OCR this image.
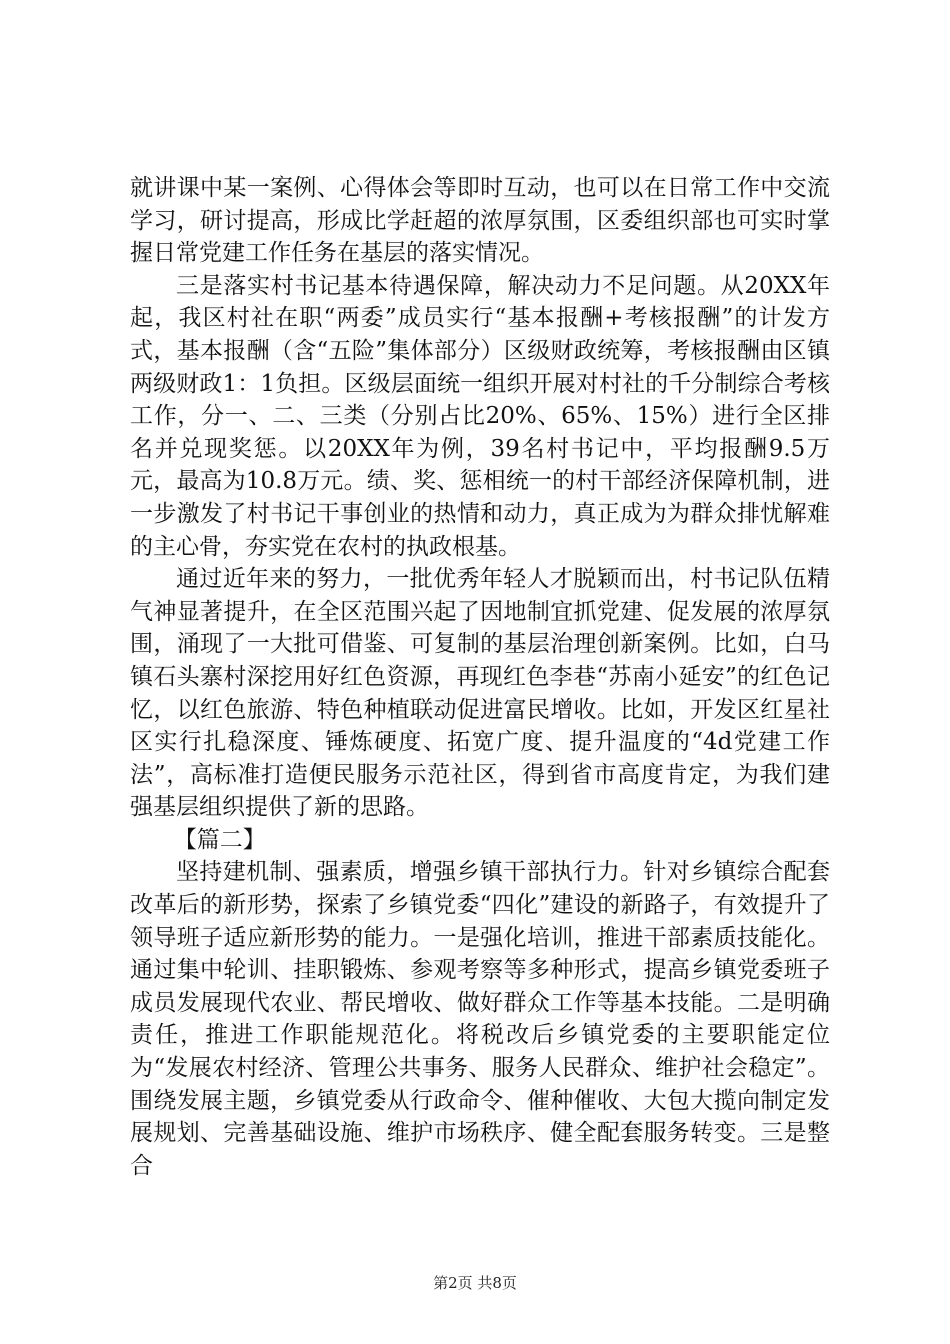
就讲课中某一案例、心得体会等即时互动，也可以在日常工作中交流学习，研讨提高，形成比学赶超的浓厚氛围，区委组织部也可实时掌握日常党建工作任务在基层的落实情况。

三是落实村书记基本待遇保障，解决动力不足问题。从20XX年起，我区村社在职“两委”成员实行“基本报酬+考核报酬”的计发方式，基本报酬（含“五险”集体部分）区级财政统筹，考核报酬由区镇两级财政1：1负担。区级层面统一组织开展对村社的千分制综合考核工作，分一、二、三类（分别占比20%、65%、15%）进行全区排名并兑现奖惩。以20XX年为例，39名村书记中，平均报酬9.5万元，最高为10.8万元。绩、奖、惩相统一的村干部经济保障机制，进一步激发了村书记干事创业的热情和动力，真正成为为群众排忧解难的主心骨，夯实党在农村的执政根基。

通过近年来的努力，一批优秀年轻人才脱颖而出，村书记队伍精气神显著提升，在全区范围兴起了因地制宜抓党建、促发展的浓厚氛围，涌现了一大批可借鉴、可复制的基层治理创新案例。比如，白马镇石头寨村深挖用好红色资源，再现红色李巷“苏南小延安”的红色记忆，以红色旅游、特色种植联动促进富民增收。比如，开发区红星社区实行扎稳深度、锤炼硬度、拓宽广度、提升温度的“4d党建工作法”，高标准打造便民服务示范社区，得到省市高度肯定，为我们建强基层组织提供了新的思路。

【篇二】

坚持建机制、强素质，增强乡镇干部执行力。针对乡镇综合配套改革后的新形势，探索了乡镇党委“四化”建设的新路子，有效提升了领导班子适应新形势的能力。一是强化培训，推进干部素质技能化。通过集中轮训、挂职锻炼、参观考察等多种形式，提高乡镇党委班子成员发展现代农业、帮民增收、做好群众工作等基本技能。二是明确责任，推进工作职能规范化。将税改后乡镇党委的主要职能定位为“发展农村经济、管理公共事务、服务人民群众、维护社会稳定”。围绕发展主题，乡镇党委从行政命令、催种催收、大包大揽向制定发展规划、完善基础设施、维护市场秩序、健全配套服务转变。三是整合

第2页 共8页
